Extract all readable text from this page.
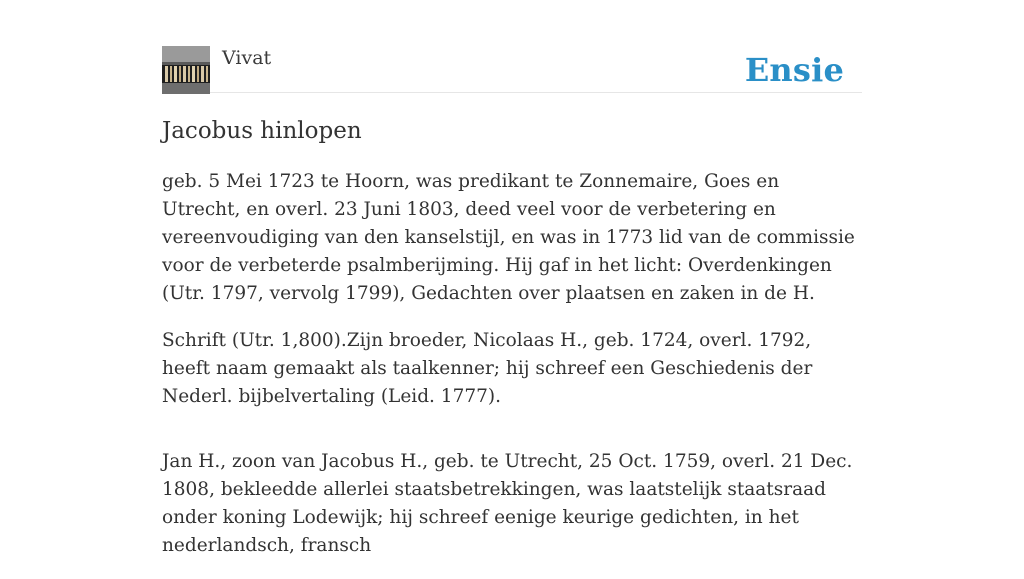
Vivat	Ensie
Jacobus hinlopen

geb. 5 Mei 1723 te Hoorn, was predikant te Zonnemaire, Goes en Utrecht, en overl. 23 Juni 1803, deed veel voor de verbetering en vereenvoudiging van den kanselstijl, en was in 1773 lid van de commissie voor de verbeterde psalmberijming. Hij gaf in het licht: Overdenkingen (Utr. 1797, vervolg 1799), Gedachten over plaatsen en zaken in de H.

Schrift (Utr. 1,800).Zijn broeder, Nicolaas H., geb. 1724, overl. 1792, heeft naam gemaakt als taalkenner; hij schreef een Geschiedenis der Nederl. bijbelvertaling (Leid. 1777).

Jan H., zoon van Jacobus H., geb. te Utrecht, 25 Oct. 1759, overl. 21 Dec. 1808, bekleedde allerlei staatsbetrekkingen, was laatstelijk staatsraad onder koning Lodewijk; hij schreef eenige keurige gedichten, in het nederlandsch, fransch
